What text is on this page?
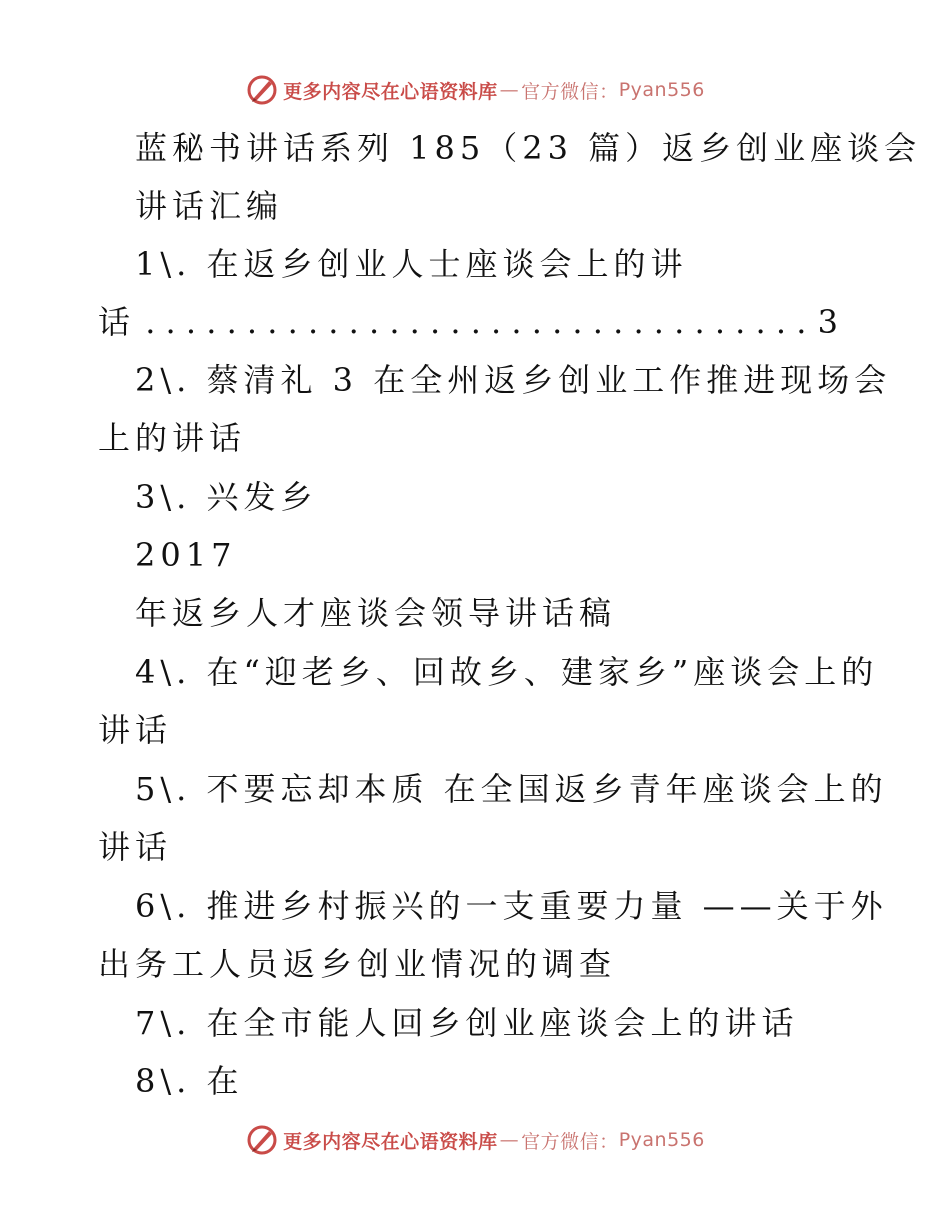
更多内容尽在心语资料库 — 官方微信： Pyan556

蓝秘书讲话系列 185（23 篇）返乡创业座谈会

讲话汇编

1\. 在返乡创业人士座谈会上的讲

话 . . .	3

2\. 蔡清礼 3 在全州返乡创业工作推进现场会

上的讲话

3\. 兴发乡

2017

年返乡人才座谈会领导讲话稿

4\. 在“迎老乡、回故乡、建家乡”座谈会上的

讲话

5\. 不要忘却本质 在全国返乡青年座谈会上的

讲话

6\. 推进乡村振兴的一支重要力量 ——关于外

出务工人员返乡创业情况的调查

7\. 在全市能人回乡创业座谈会上的讲话

8\. 在

更多内容尽在心语资料库 — 官方微信： Pyan556
